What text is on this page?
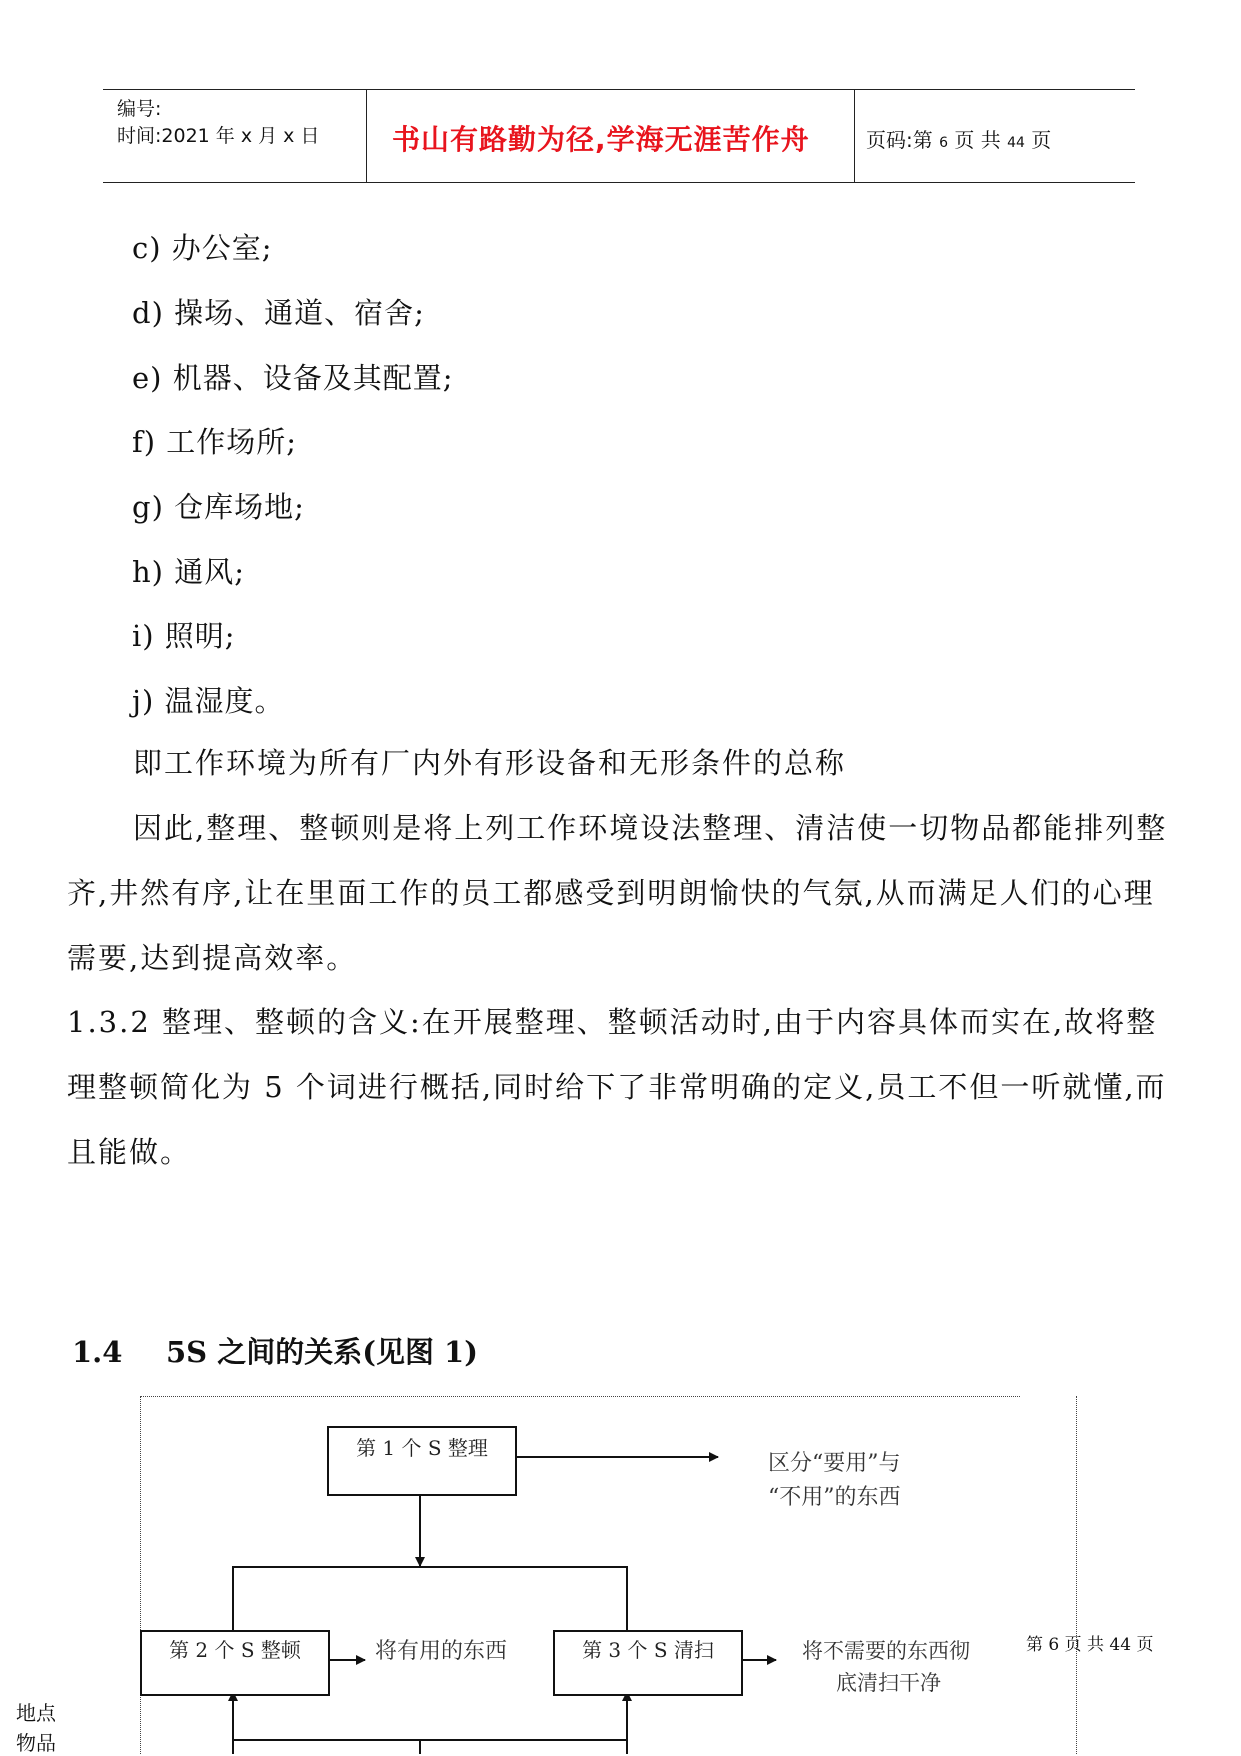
编号:
时间:2021 年 x 月 x 日	书山有路勤为径,学海无涯苦作舟	页码:第 6 页 共 44 页
c) 办公室;
d) 操场、通道、宿舍;
e) 机器、设备及其配置;
f) 工作场所;
g) 仓库场地;
h) 通风;
i) 照明;
j) 温湿度。
即工作环境为所有厂内外有形设备和无形条件的总称
因此,整理、整顿则是将上列工作环境设法整理、清洁使一切物品都能排列整齐,井然有序,让在里面工作的员工都感受到明朗愉快的气氛,从而满足人们的心理需要,达到提高效率。
1.3.2 整理、整顿的含义:在开展整理、整顿活动时,由于内容具体而实在,故将整理整顿简化为 5 个词进行概括,同时给下了非常明确的定义,员工不但一听就懂,而且能做。
1.4 5S 之间的关系(见图 1)
第 1 个 S 整理
第 2 个 S 整顿	第 3 个 S 清扫
区分“要用”与
“不用”的东西
将有用的东西	将不需要的东西彻
底清扫干净
第 6 页 共 44 页
地点
物品
